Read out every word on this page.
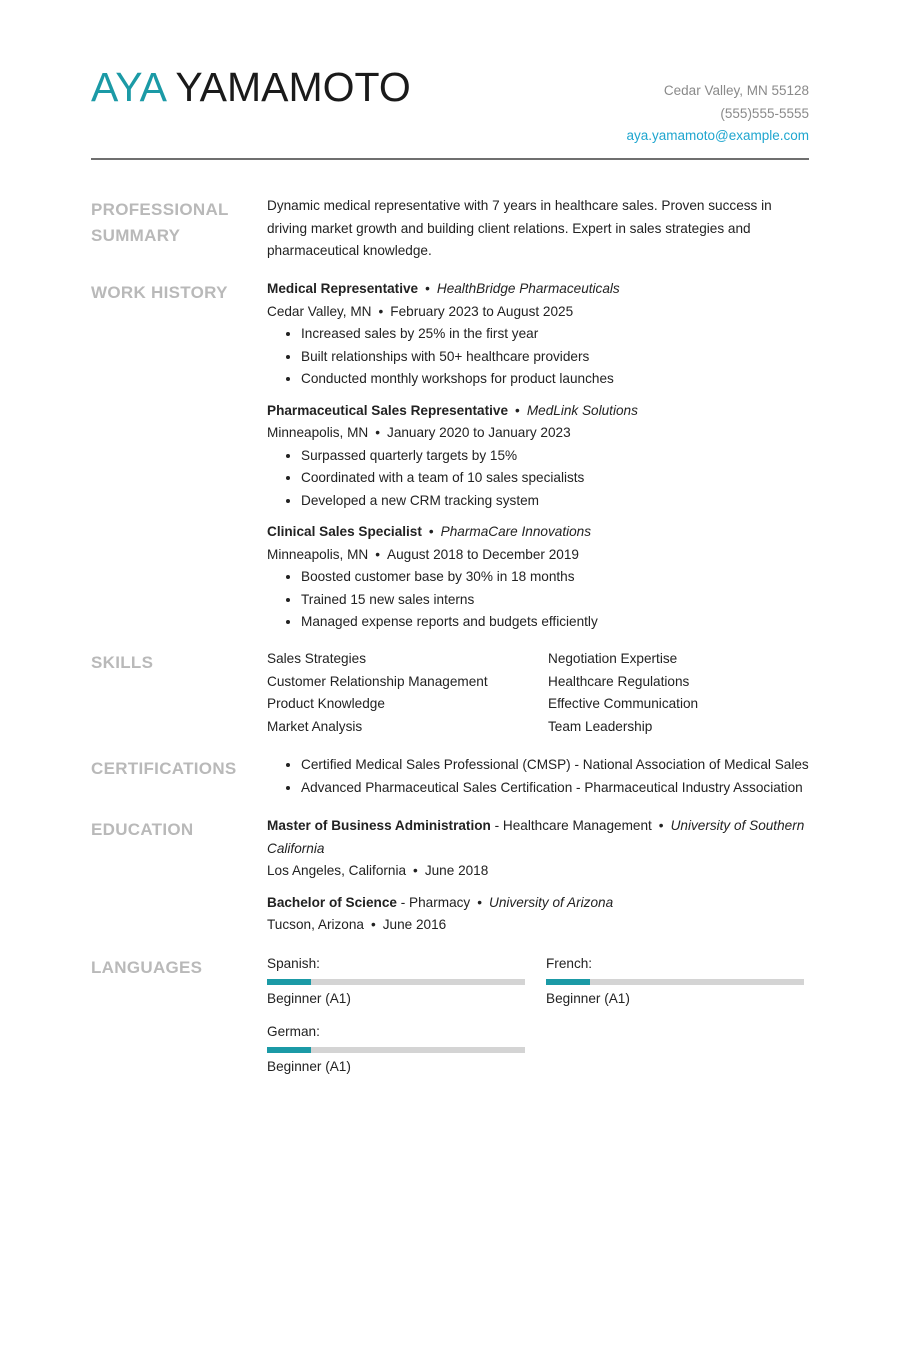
AYA YAMAMOTO	Cedar Valley, MN 55128
(555)555-5555
aya.yamamoto@example.com
PROFESSIONAL
SUMMARY
Dynamic medical representative with 7 years in healthcare sales. Proven success in driving market growth and building client relations. Expert in sales strategies and pharmaceutical knowledge.
WORK HISTORY	Medical Representative • HealthBridge Pharmaceuticals
Cedar Valley, MN • February 2023 to August 2025
• Increased sales by 25% in the first year
• Built relationships with 50+ healthcare providers
• Conducted monthly workshops for product launches
Pharmaceutical Sales Representative • MedLink Solutions
Minneapolis, MN • January 2020 to January 2023
• Surpassed quarterly targets by 15%
• Coordinated with a team of 10 sales specialists
• Developed a new CRM tracking system
Clinical Sales Specialist • PharmaCare Innovations
Minneapolis, MN • August 2018 to December 2019
• Boosted customer base by 30% in 18 months
• Trained 15 new sales interns
• Managed expense reports and budgets efficiently
SKILLS	Sales Strategies	Negotiation Expertise
Customer Relationship Management	Healthcare Regulations
Product Knowledge	Effective Communication
Market Analysis	Team Leadership
CERTIFICATIONS
•	Certified Medical Sales Professional (CMSP) - National Association of Medical Sales
• Advanced Pharmaceutical Sales Certification - Pharmaceutical Industry Association
EDUCATION	Master of Business Administration - Healthcare Management • University of Southern California
Los Angeles, California • June 2018
Bachelor of Science - Pharmacy • University of Arizona
Tucson, Arizona • June 2016
LANGUAGES	Spanish:
Beginner (A1)
French:
Beginner (A1)
German:
Beginner (A1)
